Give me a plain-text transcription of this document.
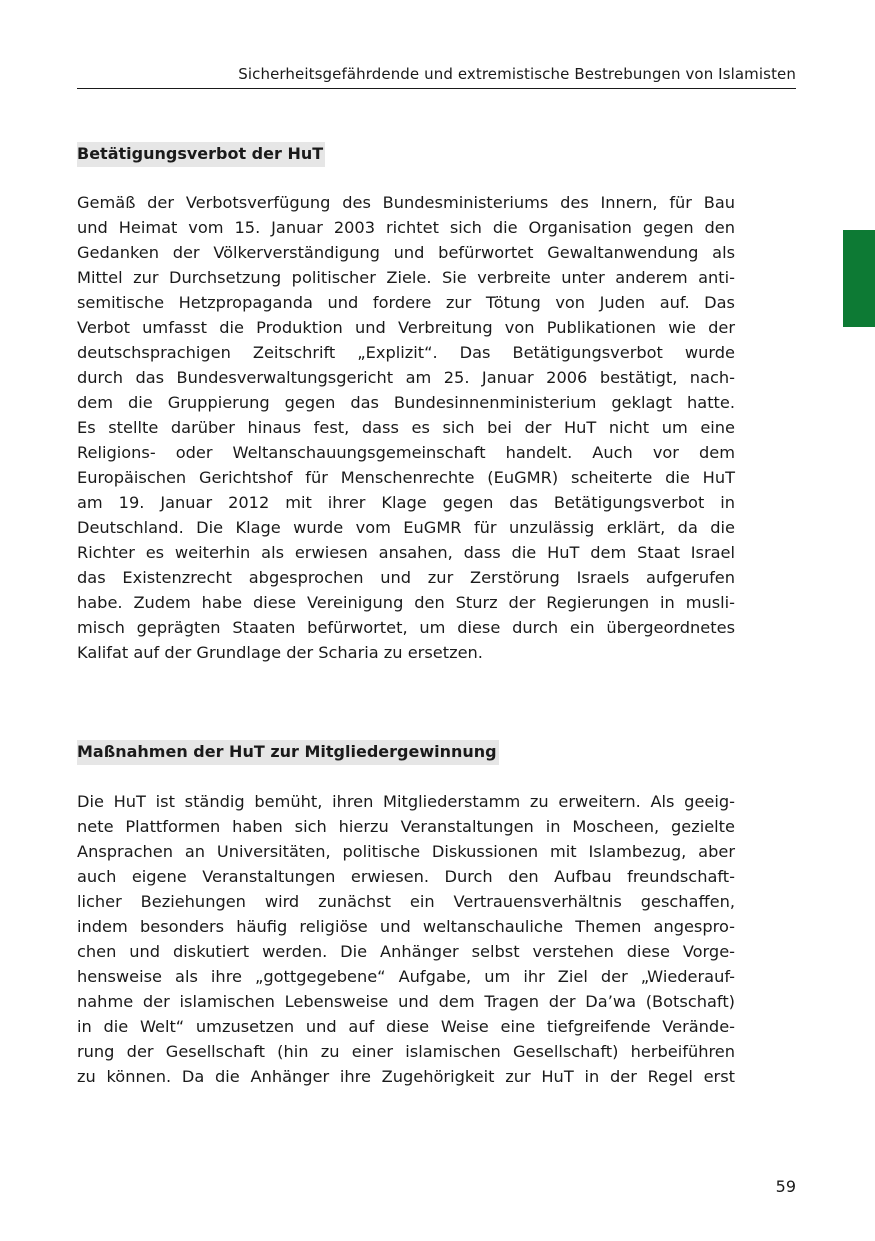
Sicherheitsgefährdende und extremistische Bestrebungen von Islamisten
Betätigungsverbot der HuT
Gemäß der Verbotsverfügung des Bundesministeriums des Innern, für Bau
und Heimat vom 15. Januar 2003 richtet sich die Organisation gegen den
Gedanken der Völkerverständigung und befürwortet Gewaltanwendung als
Mittel zur Durchsetzung politischer Ziele. Sie verbreite unter anderem anti-
semitische Hetzpropaganda und fordere zur Tötung von Juden auf. Das
Verbot umfasst die Produktion und Verbreitung von Publikationen wie der
deutschsprachigen Zeitschrift „Explizit“. Das Betätigungsverbot wurde
durch das Bundesverwaltungsgericht am 25. Januar 2006 bestätigt, nach-
dem die Gruppierung gegen das Bundesinnenministerium geklagt hatte.
Es stellte darüber hinaus fest, dass es sich bei der HuT nicht um eine
Religions- oder Weltanschauungsgemeinschaft handelt. Auch vor dem
Europäischen Gerichtshof für Menschenrechte (EuGMR) scheiterte die HuT
am 19. Januar 2012 mit ihrer Klage gegen das Betätigungsverbot in
Deutschland. Die Klage wurde vom EuGMR für unzulässig erklärt, da die
Richter es weiterhin als erwiesen ansahen, dass die HuT dem Staat Israel
das Existenzrecht abgesprochen und zur Zerstörung Israels aufgerufen
habe. Zudem habe diese Vereinigung den Sturz der Regierungen in musli-
misch geprägten Staaten befürwortet, um diese durch ein übergeordnetes
Kalifat auf der Grundlage der Scharia zu ersetzen.
Maßnahmen der HuT zur Mitgliedergewinnung
Die HuT ist ständig bemüht, ihren Mitgliederstamm zu erweitern. Als geeig-
nete Plattformen haben sich hierzu Veranstaltungen in Moscheen, gezielte
Ansprachen an Universitäten, politische Diskussionen mit Islambezug, aber
auch eigene Veranstaltungen erwiesen. Durch den Aufbau freundschaft-
licher Beziehungen wird zunächst ein Vertrauensverhältnis geschaffen,
indem besonders häufig religiöse und weltanschauliche Themen angespro-
chen und diskutiert werden. Die Anhänger selbst verstehen diese Vorge-
hensweise als ihre „gottgegebene“ Aufgabe, um ihr Ziel der „Wiederauf-
nahme der islamischen Lebensweise und dem Tragen der Da’wa (Botschaft)
in die Welt“ umzusetzen und auf diese Weise eine tiefgreifende Verände-
rung der Gesellschaft (hin zu einer islamischen Gesellschaft) herbeiführen
zu können. Da die Anhänger ihre Zugehörigkeit zur HuT in der Regel erst
59
